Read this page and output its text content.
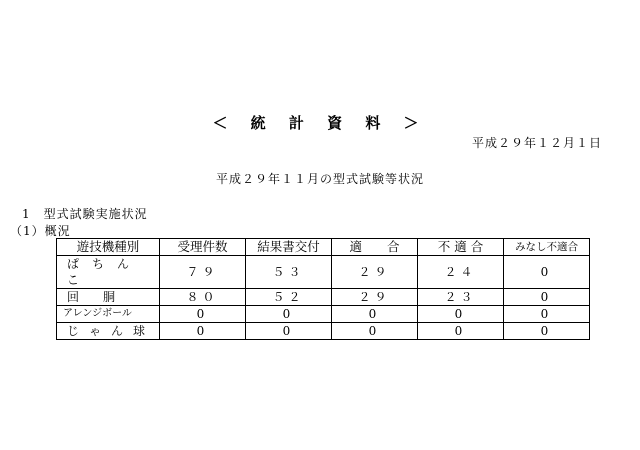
＜ 統 計 資 料 ＞
平成２９年１２月１日
平成２９年１１月の型式試験等状況
1　型式試験実施状況
（1）概況
遊技機種別	受理件数	結果書交付	適　　合	不 適 合	みなし不適合
ぱちんこ	７９	５３	２９	２４	0
回　　胴	８０	５２	２９	２３	0
アレンジボール	0	0	0	0	0
じゃん球	0	0	0	0	0
